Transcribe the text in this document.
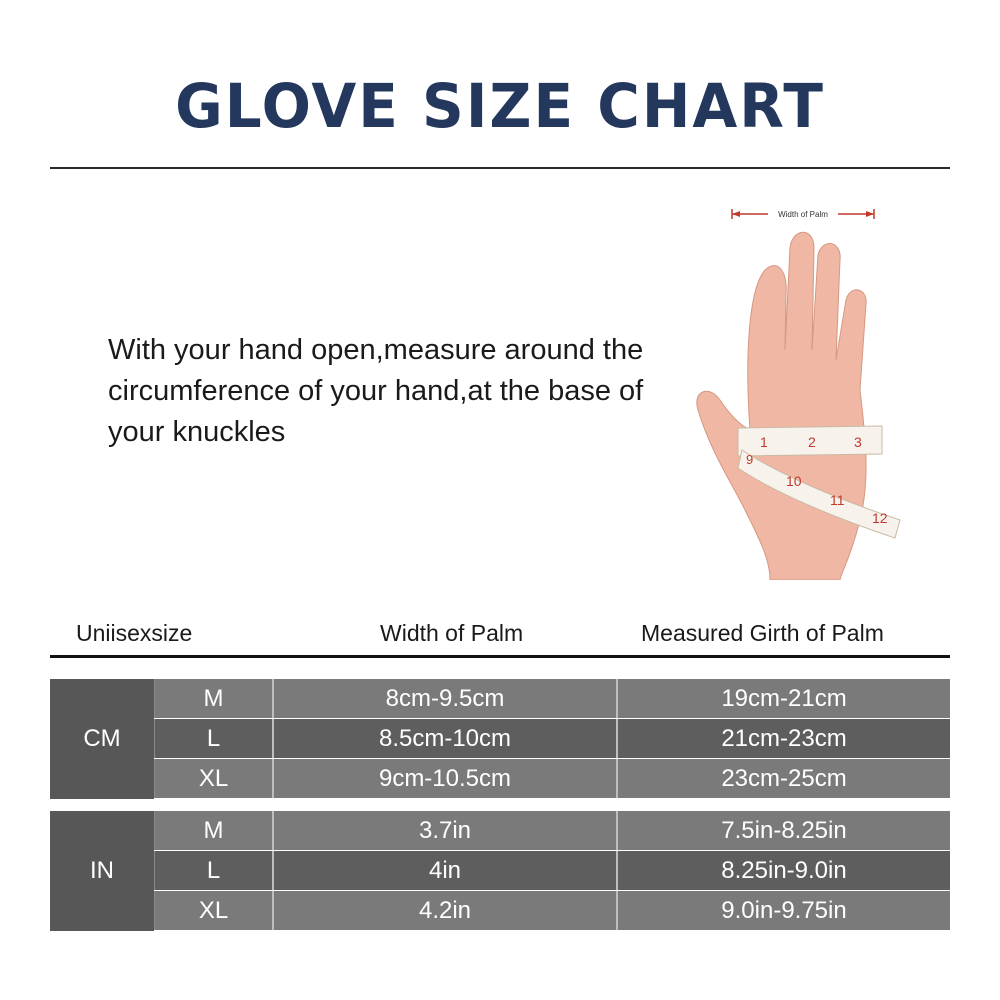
GLOVE SIZE CHART
With your hand open,measure around the circumference of your hand,at the base of your knuckles
Width of Palm
1	2	3
9
10
11
12
Uniisexsize	Width of Palm	Measured Girth of Palm
CM
M	8cm-9.5cm	19cm-21cm
L	8.5cm-10cm	21cm-23cm
XL	9cm-10.5cm	23cm-25cm
IN
M	3.7in	7.5in-8.25in
L	4in	8.25in-9.0in
XL	4.2in	9.0in-9.75in
